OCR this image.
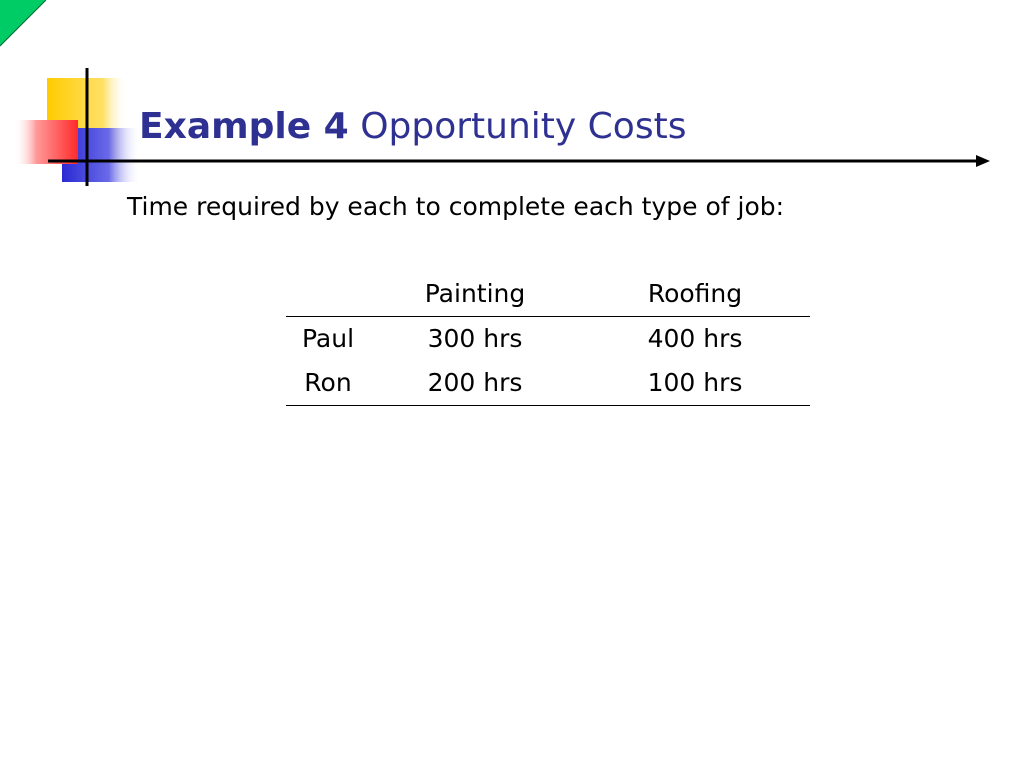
Example 4 Opportunity Costs
Time required by each to complete each type of job:
	Painting	Roofing
Paul	300 hrs	400 hrs
Ron	200 hrs	100 hrs
